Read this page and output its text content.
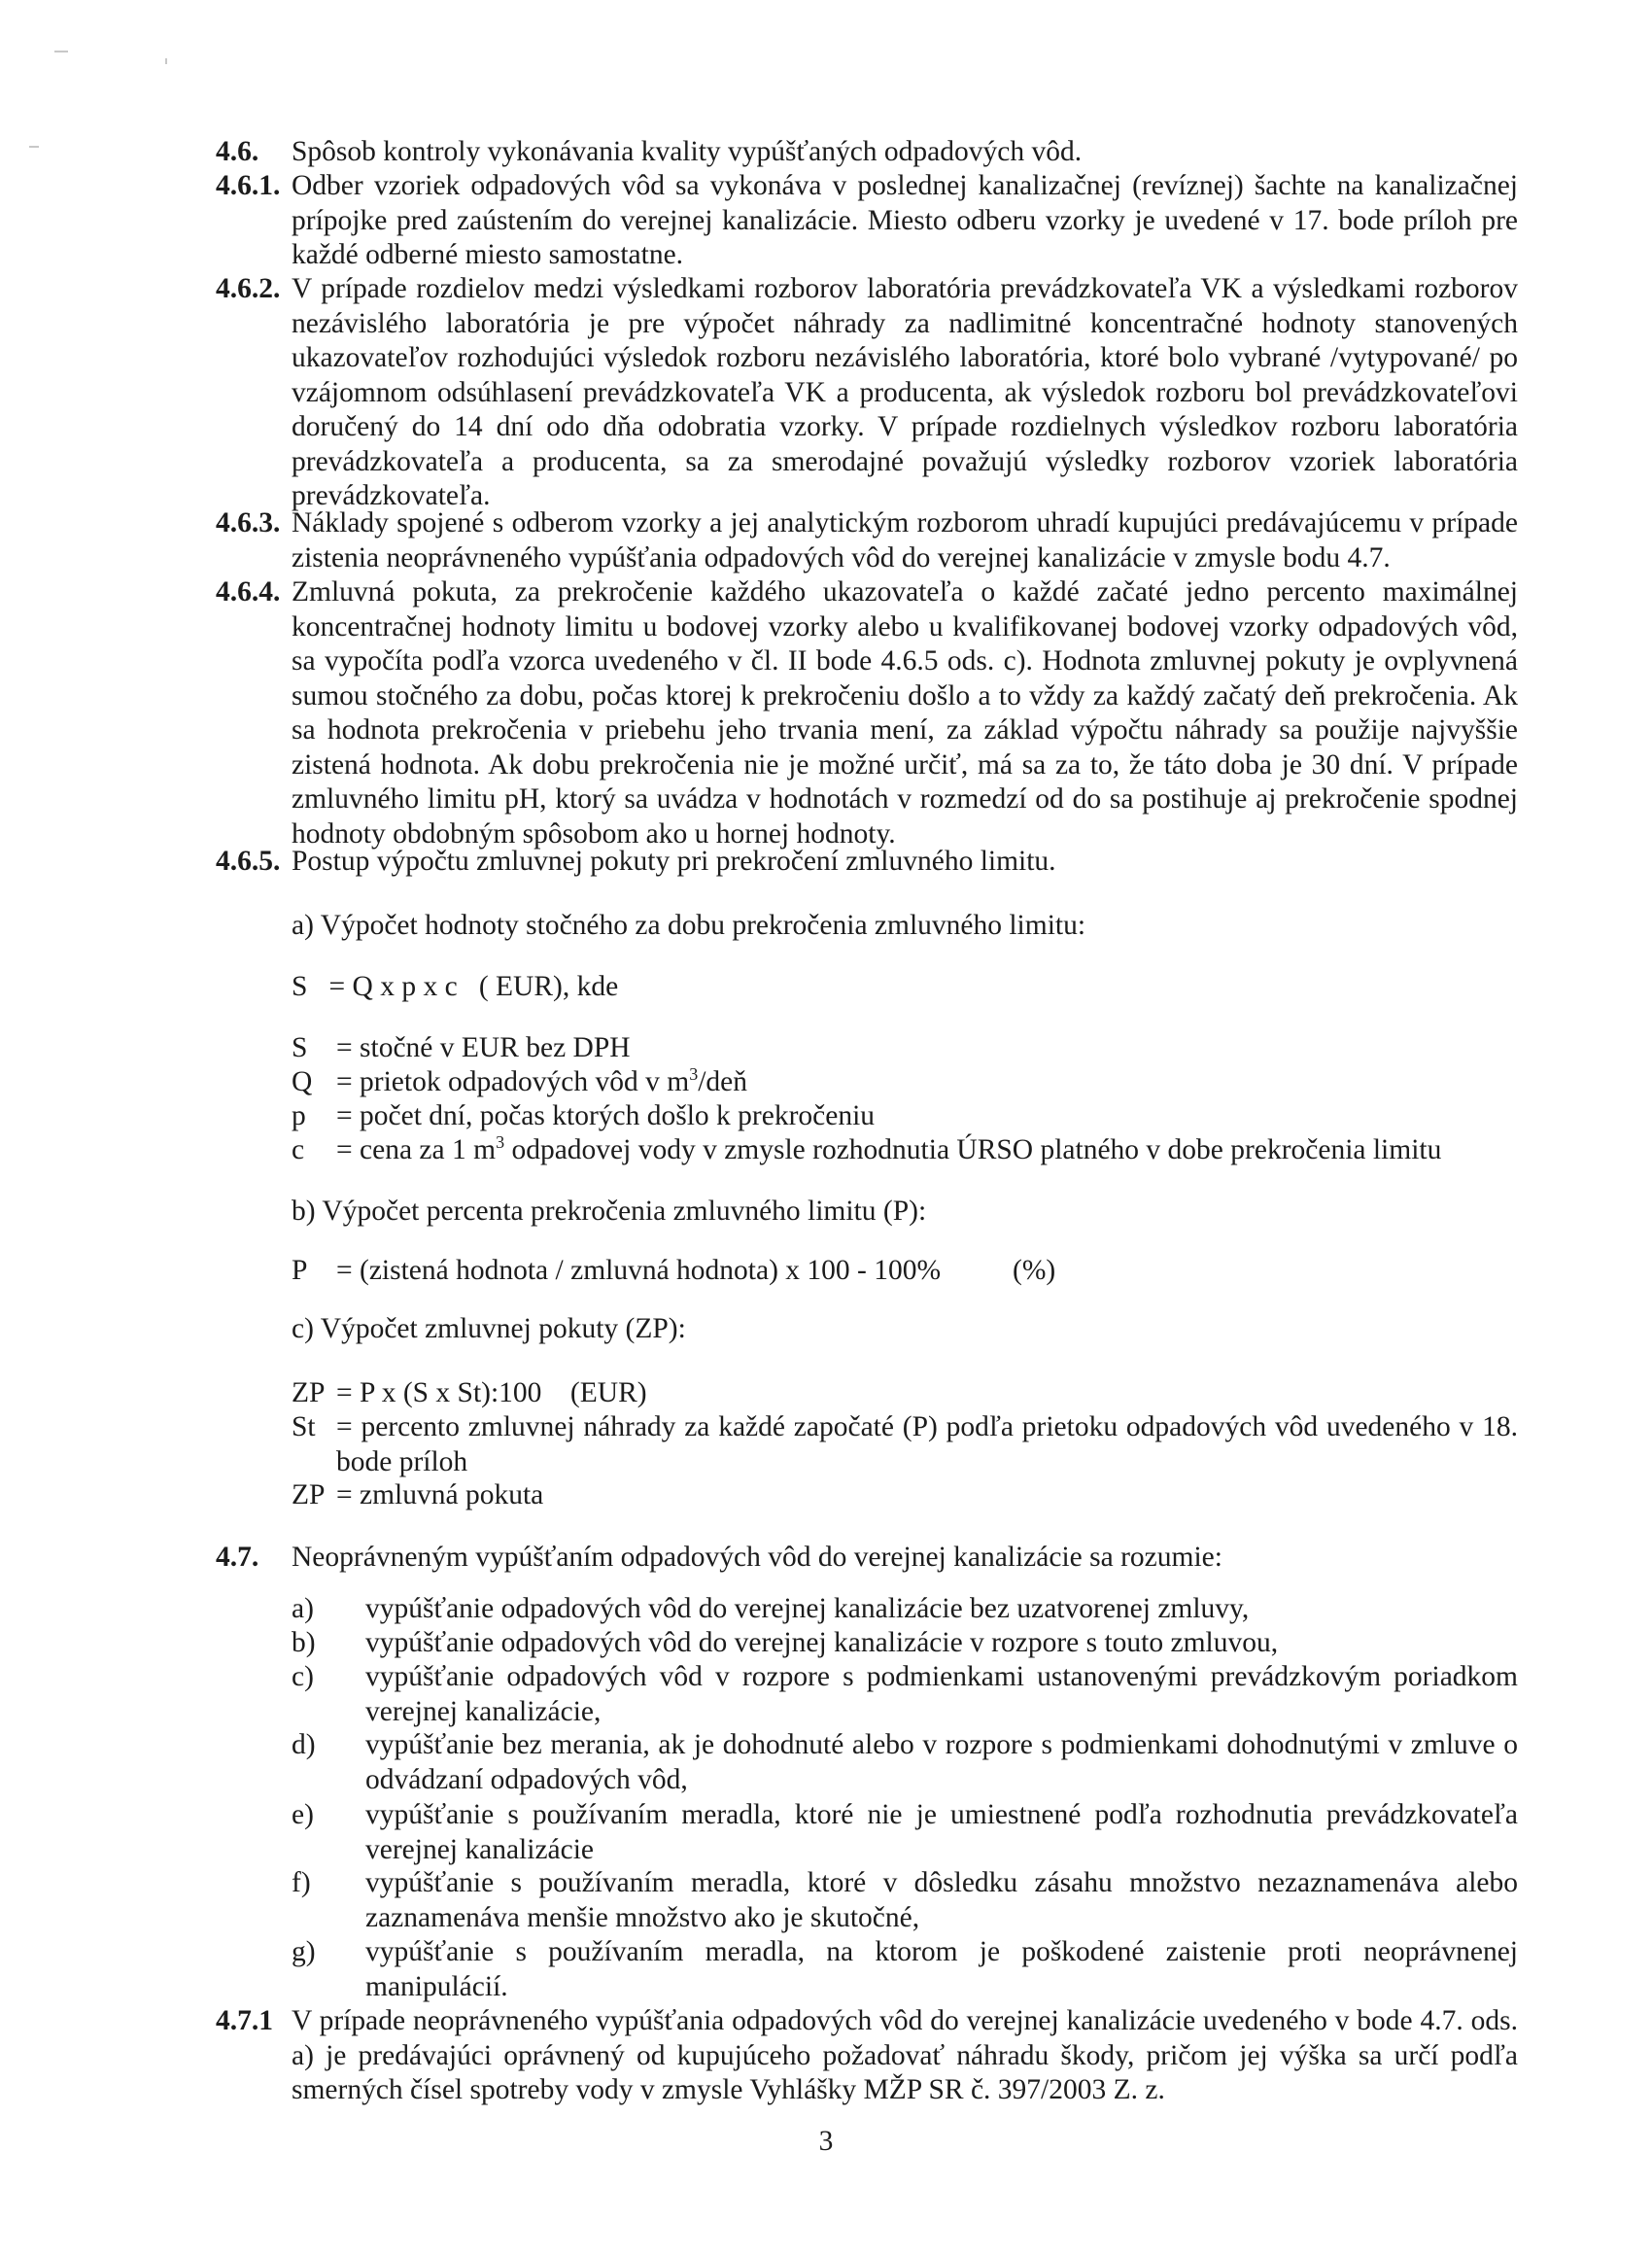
4.6. Spôsob kontroly vykonávania kvality vypúšťaných odpadových vôd.
4.6.1. Odber vzoriek odpadových vôd sa vykonáva v poslednej kanalizačnej (revíznej) šachte na kanalizačnej prípojke pred zaústením do verejnej kanalizácie. Miesto odberu vzorky je uvedené v 17. bode príloh pre každé odberné miesto samostatne.
4.6.2. V prípade rozdielov medzi výsledkami rozborov laboratória prevádzkovateľa VK a výsledkami rozborov nezávislého laboratória je pre výpočet náhrady za nadlimitné koncentračné hodnoty stanovených ukazovateľov rozhodujúci výsledok rozboru nezávislého laboratória, ktoré bolo vybrané /vytypované/ po vzájomnom odsúhlasení prevádzkovateľa VK a producenta, ak výsledok rozboru bol prevádzkovateľovi doručený do 14 dní odo dňa odobratia vzorky. V prípade rozdielnych výsledkov rozboru laboratória prevádzkovateľa a producenta, sa za smerodajné považujú výsledky rozborov vzoriek laboratória prevádzkovateľa.
4.6.3. Náklady spojené s odberom vzorky a jej analytickým rozborom uhradí kupujúci predávajúcemu v prípade zistenia neoprávneného vypúšťania odpadových vôd do verejnej kanalizácie v zmysle bodu 4.7.
4.6.4. Zmluvná pokuta, za prekročenie každého ukazovateľa o každé začaté jedno percento maximálnej koncentračnej hodnoty limitu u bodovej vzorky alebo u kvalifikovanej bodovej vzorky odpadových vôd, sa vypočíta podľa vzorca uvedeného v čl. II bode 4.6.5 ods. c). Hodnota zmluvnej pokuty je ovplyvnená sumou stočného za dobu, počas ktorej k prekročeniu došlo a to vždy za každý začatý deň prekročenia. Ak sa hodnota prekročenia v priebehu jeho trvania mení, za základ výpočtu náhrady sa použije najvyššie zistená hodnota. Ak dobu prekročenia nie je možné určiť, má sa za to, že táto doba je 30 dní. V prípade zmluvného limitu pH, ktorý sa uvádza v hodnotách v rozmedzí od do sa postihuje aj prekročenie spodnej hodnoty obdobným spôsobom ako u hornej hodnoty.
4.6.5. Postup výpočtu zmluvnej pokuty pri prekročení zmluvného limitu.
a) Výpočet hodnoty stočného za dobu prekročenia zmluvného limitu:
S   = Q x p x c   ( EUR), kde
S = stočné v EUR bez DPH
Q = prietok odpadových vôd v $m^3$/deň
p = počet dní, počas ktorých došlo k prekročeniu
c = cena za 1 $m^3$ odpadovej vody v zmysle rozhodnutia ÚRSO platného v dobe prekročenia limitu
b) Výpočet percenta prekročenia zmluvného limitu (P):
P = (zistená hodnota / zmluvná hodnota) x 100 - 100%	(%)
c) Výpočet zmluvnej pokuty (ZP):
ZP = P x (S x St):100    (EUR)
St = percento zmluvnej náhrady za každé započaté (P) podľa prietoku odpadových vôd uvedeného v 18. bode príloh
ZP = zmluvná pokuta
4.7. Neoprávneným vypúšťaním odpadových vôd do verejnej kanalizácie sa rozumie:
a) vypúšťanie odpadových vôd do verejnej kanalizácie bez uzatvorenej zmluvy,
b) vypúšťanie odpadových vôd do verejnej kanalizácie v rozpore s touto zmluvou,
c) vypúšťanie odpadových vôd v rozpore s podmienkami ustanovenými prevádzkovým poriadkom verejnej kanalizácie,
d) vypúšťanie bez merania, ak je dohodnuté alebo v rozpore s podmienkami dohodnutými v zmluve o odvádzaní odpadových vôd,
e) vypúšťanie s používaním meradla, ktoré nie je umiestnené podľa rozhodnutia prevádzkovateľa verejnej kanalizácie
f) vypúšťanie s používaním meradla, ktoré v dôsledku zásahu množstvo nezaznamenáva alebo zaznamenáva menšie množstvo ako je skutočné,
g) vypúšťanie s používaním meradla, na ktorom je poškodené zaistenie proti neoprávnenej manipulácií.
4.7.1 V prípade neoprávneného vypúšťania odpadových vôd do verejnej kanalizácie uvedeného v bode 4.7. ods. a) je predávajúci oprávnený od kupujúceho požadovať náhradu škody, pričom jej výška sa určí podľa smerných čísel spotreby vody v zmysle Vyhlášky MŽP SR č. 397/2003 Z. z.
3
